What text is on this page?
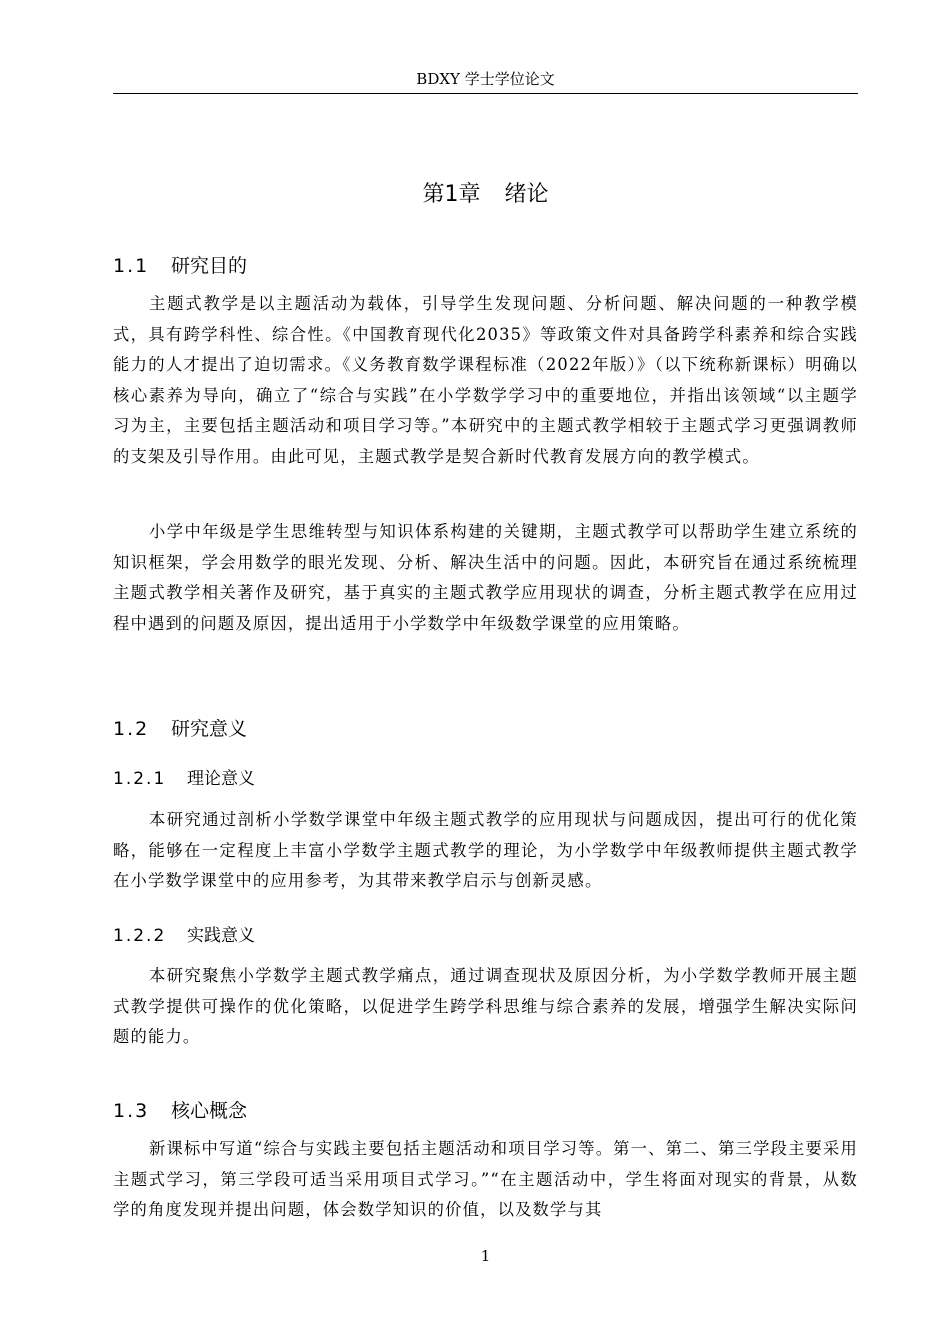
BDXY 学士学位论文
第1章 绪论
1.1 研究目的

主题式教学是以主题活动为载体，引导学生发现问题、分析问题、解决问题的一种教学模式，具有跨学科性、综合性。《中国教育现代化2035》等政策文件对具备跨学科素养和综合实践能力的人才提出了迫切需求。《义务教育数学课程标准（2022年版）》（以下统称新课标）明确以核心素养为导向，确立了“综合与实践”在小学数学学习中的重要地位，并指出该领域“以主题学习为主，主要包括主题活动和项目学习等。”本研究中的主题式教学相较于主题式学习更强调教师的支架及引导作用。由此可见，主题式教学是契合新时代教育发展方向的教学模式。

小学中年级是学生思维转型与知识体系构建的关键期，主题式教学可以帮助学生建立系统的知识框架，学会用数学的眼光发现、分析、解决生活中的问题。因此，本研究旨在通过系统梳理主题式教学相关著作及研究，基于真实的主题式教学应用现状的调查，分析主题式教学在应用过程中遇到的问题及原因，提出适用于小学数学中年级数学课堂的应用策略。

1.2 研究意义
1.2.1 理论意义

本研究通过剖析小学数学课堂中年级主题式教学的应用现状与问题成因，提出可行的优化策略，能够在一定程度上丰富小学数学主题式教学的理论，为小学数学中年级教师提供主题式教学在小学数学课堂中的应用参考，为其带来教学启示与创新灵感。

1.2.2 实践意义

本研究聚焦小学数学主题式教学痛点，通过调查现状及原因分析，为小学数学教师开展主题式教学提供可操作的优化策略，以促进学生跨学科思维与综合素养的发展，增强学生解决实际问题的能力。

1.3 核心概念

新课标中写道“综合与实践主要包括主题活动和项目学习等。第一、第二、第三学段主要采用主题式学习，第三学段可适当采用项目式学习。”“在主题活动中，学生将面对现实的背景，从数学的角度发现并提出问题，体会数学知识的价值，以及数学与其

1
